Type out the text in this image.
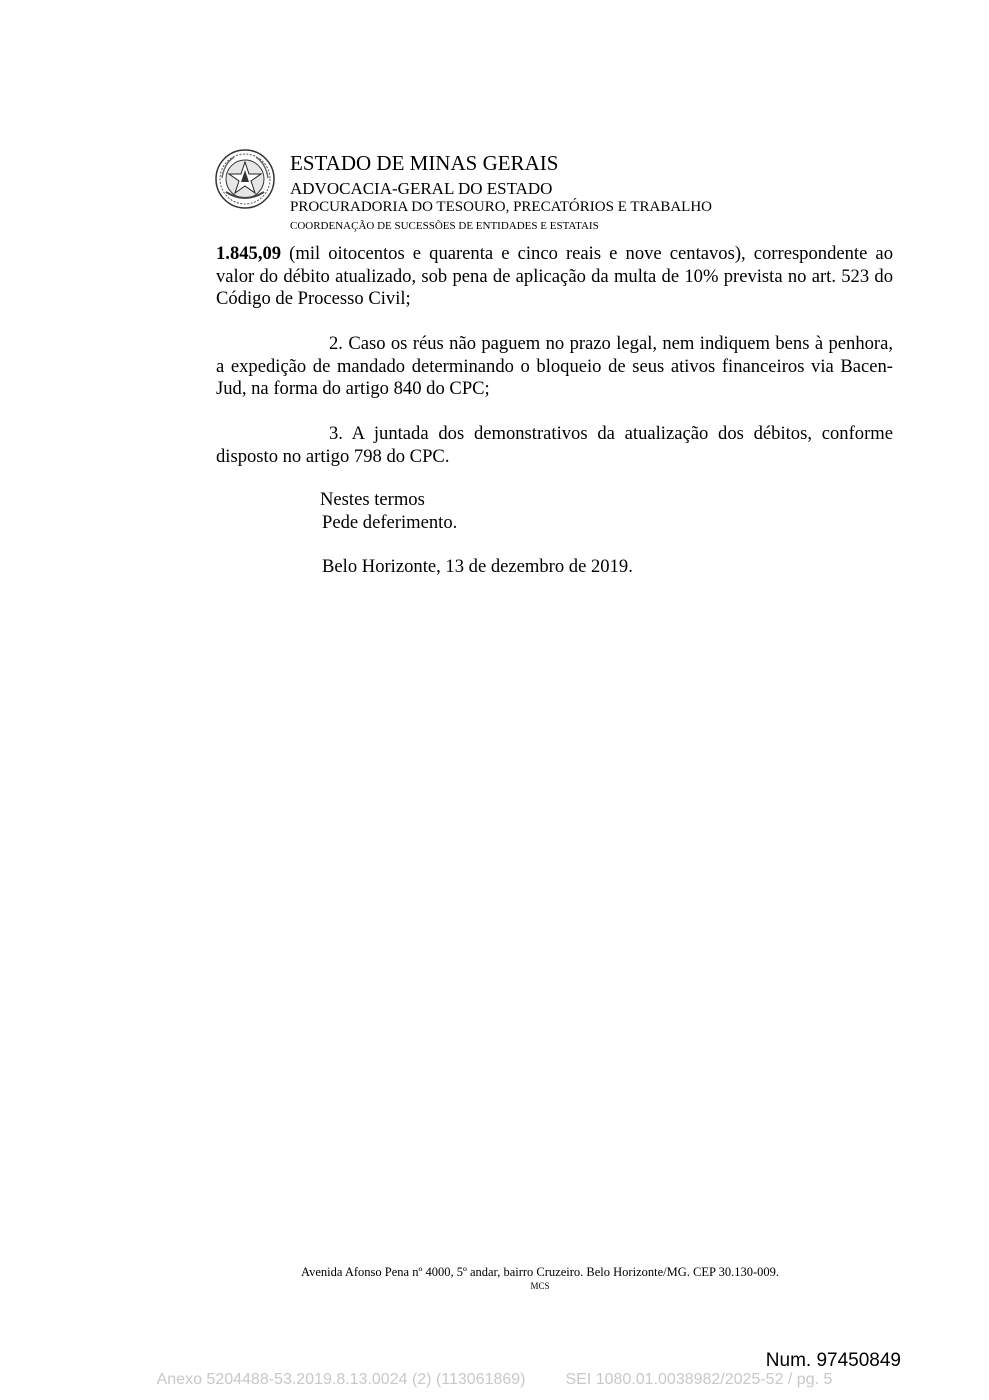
ESTADO DE MINAS GERAIS
ADVOCACIA-GERAL DO ESTADO
PROCURADORIA DO TESOURO, PRECATÓRIOS E TRABALHO
COORDENAÇÃO DE SUCESSÕES DE ENTIDADES E ESTATAIS

1.845,09 (mil oitocentos e quarenta e cinco reais e nove centavos), correspondente ao valor do débito atualizado, sob pena de aplicação da multa de 10% prevista no art. 523 do Código de Processo Civil;

2. Caso os réus não paguem no prazo legal, nem indiquem bens à penhora, a expedição de mandado determinando o bloqueio de seus ativos financeiros via Bacen-Jud, na forma do artigo 840 do CPC;

3. A juntada dos demonstrativos da atualização dos débitos, conforme disposto no artigo 798 do CPC.

Nestes termos
Pede deferimento.
Belo Horizonte, 13 de dezembro de 2019.
Avenida Afonso Pena nº 4000, 5º andar, bairro Cruzeiro. Belo Horizonte/MG. CEP 30.130-009.
MCS
Num. 97450849
Anexo 5204488-53.2019.8.13.0024 (2) (113061869)	SEI 1080.01.0038982/2025-52 / pg. 5
